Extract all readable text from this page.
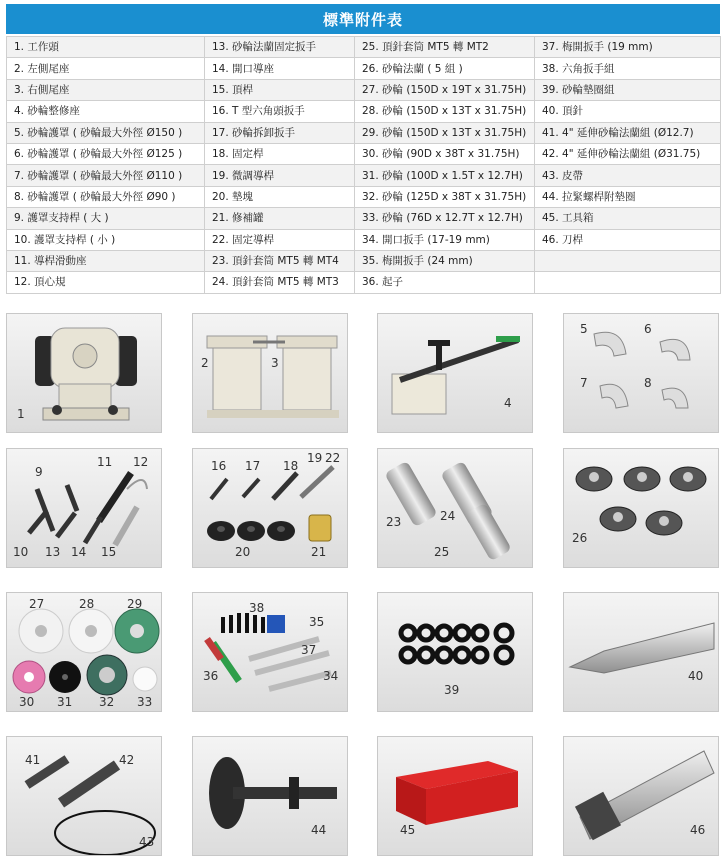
標準附件表
1. 工作頭	13. 砂輪法蘭固定扳手	25. 頂針套筒 MT5 轉 MT2	37. 梅開扳手 (19 mm)
2. 左側尾座	14. 開口導座	26. 砂輪法蘭 ( 5 組 )	38. 六角扳手組
3. 右側尾座	15. 頂桿	27. 砂輪 (150D x 19T x 31.75H)	39. 砂輪墊圈組
4. 砂輪整修座	16. T 型六角頭扳手	28. 砂輪 (150D x 13T x 31.75H)	40. 頂針
5. 砂輪護罩 ( 砂輪最大外徑 Ø150 )	17. 砂輪拆卸扳手	29. 砂輪 (150D x 13T x 31.75H)	41. 4" 延伸砂輪法蘭組 (Ø12.7)
6. 砂輪護罩 ( 砂輪最大外徑 Ø125 )	18. 固定桿	30. 砂輪 (90D x 38T x 31.75H)	42. 4" 延伸砂輪法蘭組 (Ø31.75)
7. 砂輪護罩 ( 砂輪最大外徑 Ø110 )	19. 微調導桿	31. 砂輪 (100D x 1.5T x 12.7H)	43. 皮帶
8. 砂輪護罩 ( 砂輪最大外徑 Ø90 )	20. 墊塊	32. 砂輪 (125D x 38T x 31.75H)	44. 拉緊螺桿附墊圈
9. 護罩支持桿 ( 大 )	21. 修補罐	33. 砂輪 (76D x 12.7T x 12.7H)	45. 工具箱
10. 護罩支持桿 ( 小 )	22. 固定導桿	34. 開口扳手 (17-19 mm)	46. 刀桿
11. 導桿滑動座	23. 頂針套筒 MT5 轉 MT4	35. 梅開扳手 (24 mm)	
12. 頂心規	24. 頂針套筒 MT5 轉 MT3	36. 起子	
1
2	3
4
5	6
7	8
9
11 12
10 13 14 15
16 17 18
19 22
20	21
23	24
25
26
27	28	29
30 31 32 33
38
35
37
36	34
39
40
41	42
43
44	45	46
